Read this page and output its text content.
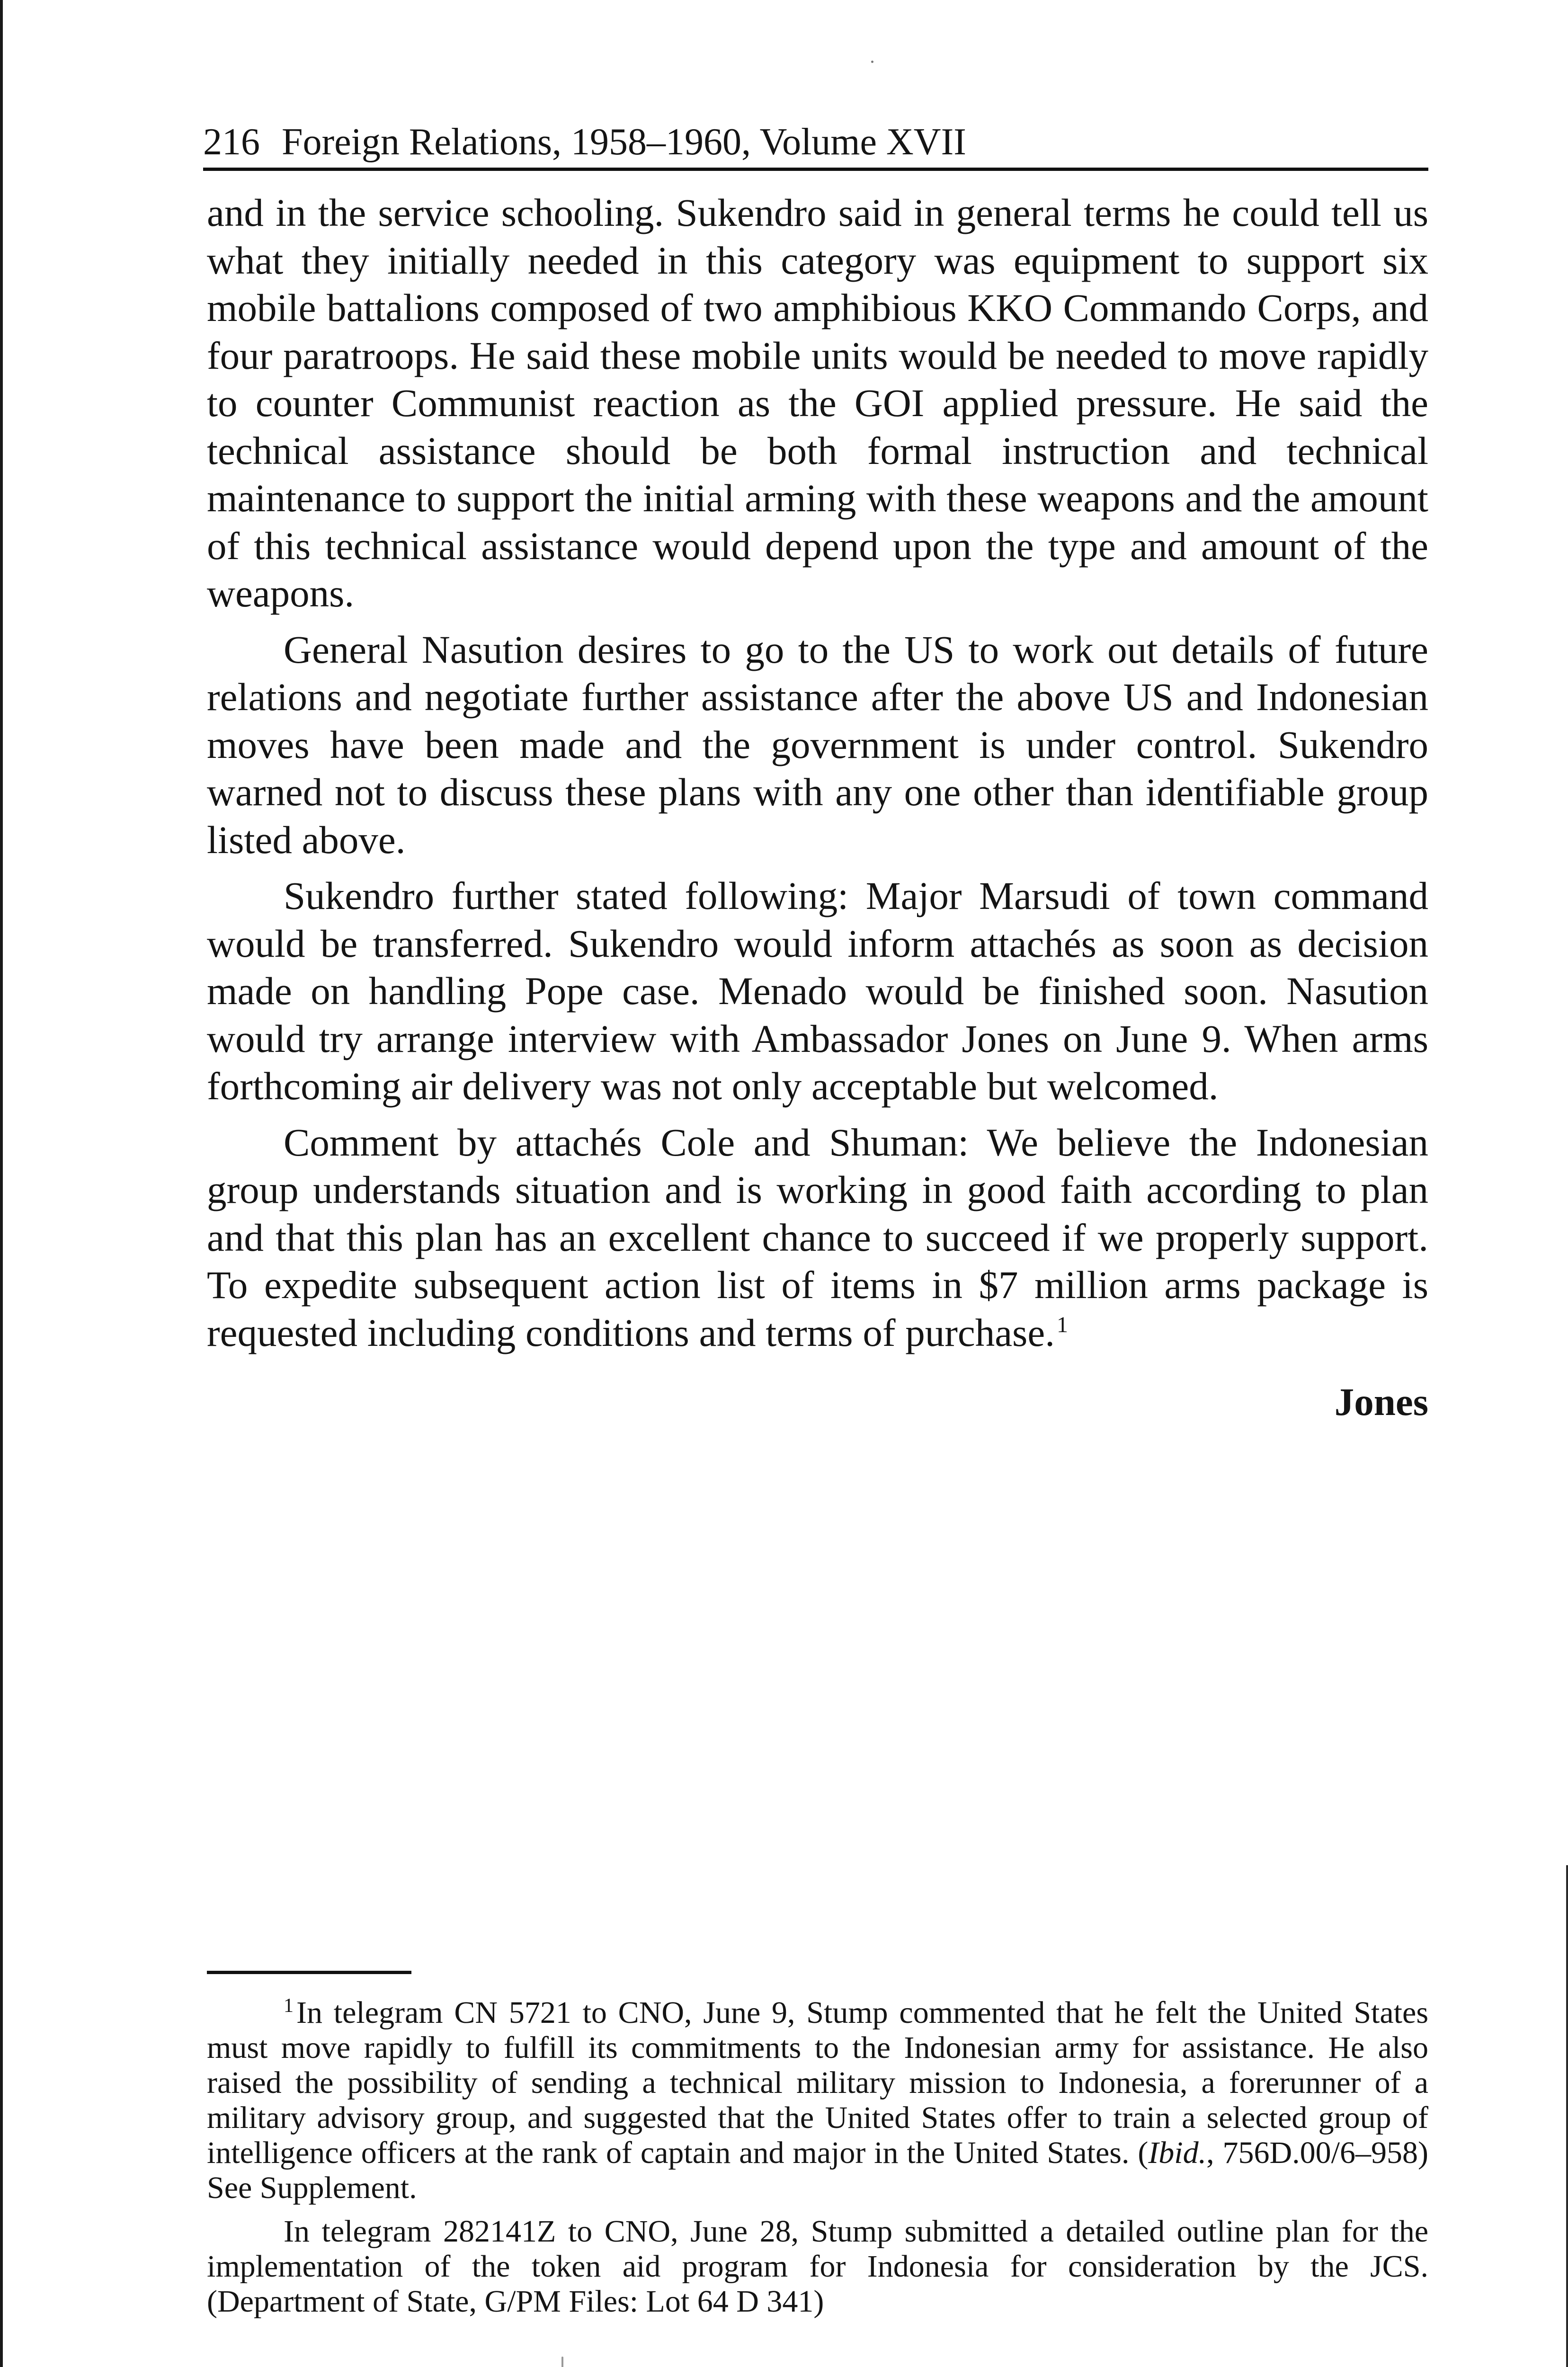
216 Foreign Relations, 1958–1960, Volume XVII

and in the service schooling. Sukendro said in general terms he could tell us what they initially needed in this category was equipment to support six mobile battalions composed of two amphibious KKO Commando Corps, and four paratroops. He said these mobile units would be needed to move rapidly to counter Communist reaction as the GOI applied pressure. He said the technical assistance should be both formal instruction and technical maintenance to support the initial arming with these weapons and the amount of this technical assistance would depend upon the type and amount of the weapons.

General Nasution desires to go to the US to work out details of future relations and negotiate further assistance after the above US and Indonesian moves have been made and the government is under control. Sukendro warned not to discuss these plans with any one other than identifiable group listed above.

Sukendro further stated following: Major Marsudi of town command would be transferred. Sukendro would inform attachés as soon as decision made on handling Pope case. Menado would be finished soon. Nasution would try arrange interview with Ambassador Jones on June 9. When arms forthcoming air delivery was not only acceptable but welcomed.

Comment by attachés Cole and Shuman: We believe the Indonesian group understands situation and is working in good faith according to plan and that this plan has an excellent chance to succeed if we properly support. To expedite subsequent action list of items in $7 million arms package is requested including conditions and terms of purchase.$^1$

Jones

$^1$In telegram CN 5721 to CNO, June 9, Stump commented that he felt the United States must move rapidly to fulfill its commitments to the Indonesian army for assistance. He also raised the possibility of sending a technical military mission to Indonesia, a forerunner of a military advisory group, and suggested that the United States offer to train a selected group of intelligence officers at the rank of captain and major in the United States. (Ibid., 756D.00/6–958) See Supplement.

In telegram 282141Z to CNO, June 28, Stump submitted a detailed outline plan for the implementation of the token aid program for Indonesia for consideration by the JCS. (Department of State, G/PM Files: Lot 64 D 341)
